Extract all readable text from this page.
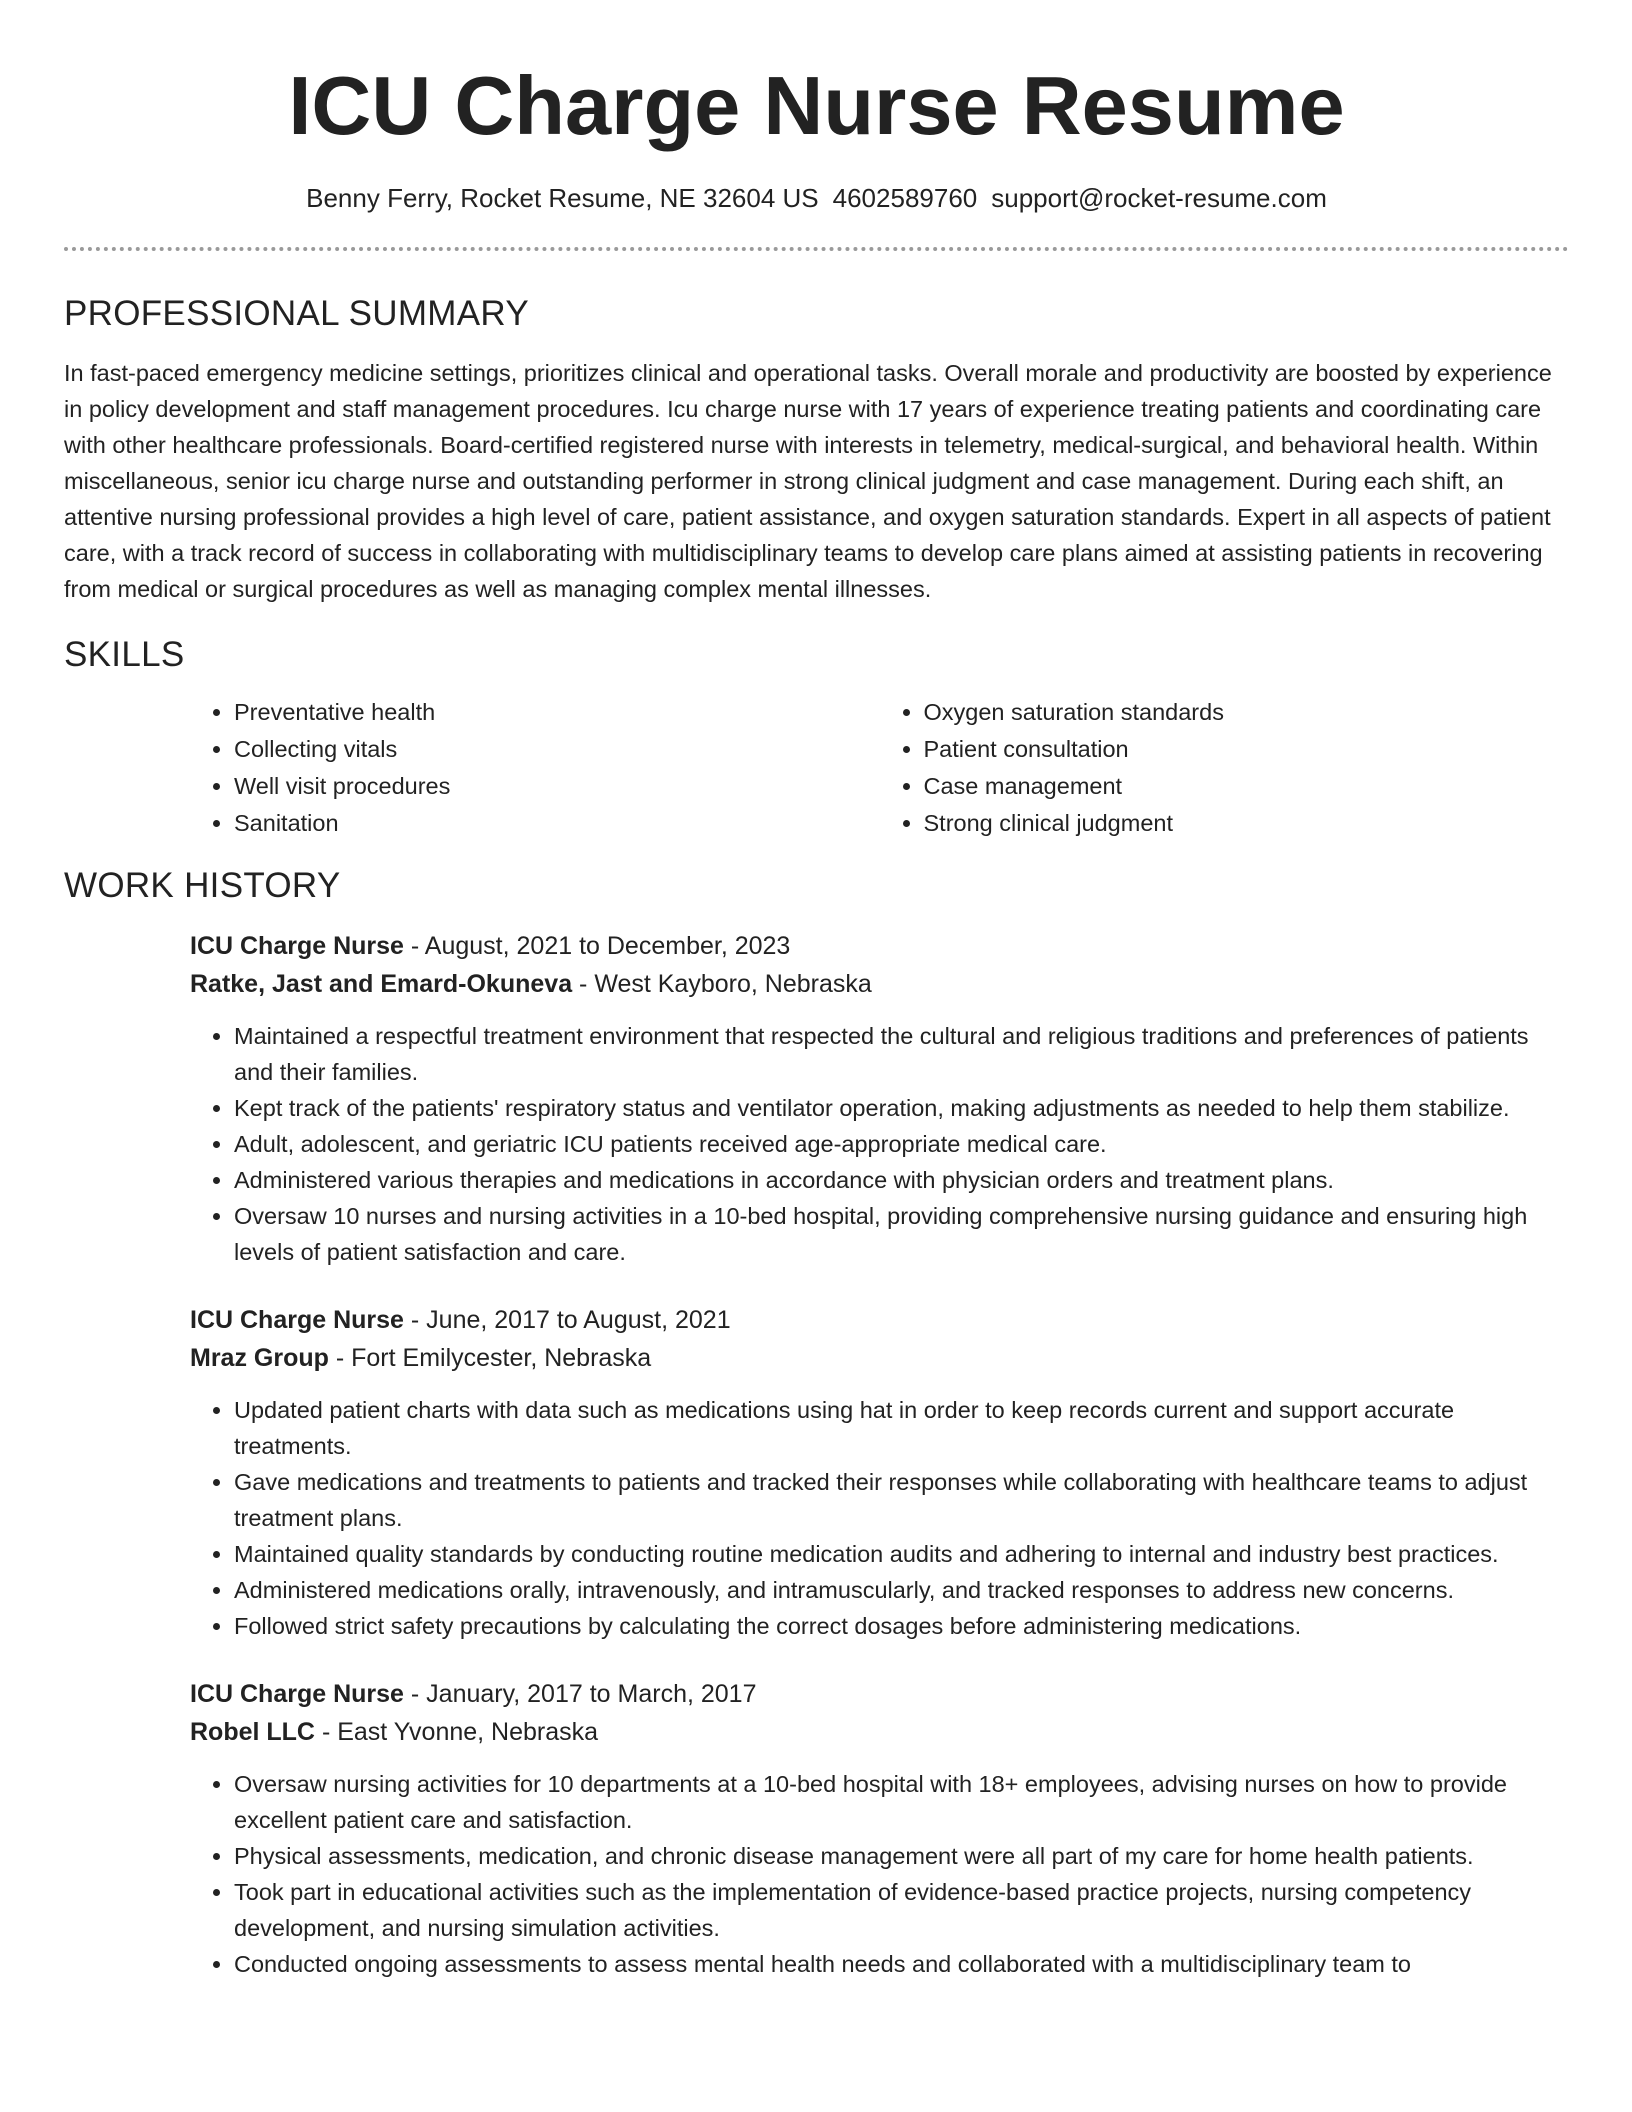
ICU Charge Nurse Resume
Benny Ferry, Rocket Resume, NE 32604 US 4602589760 support@rocket-resume.com
PROFESSIONAL SUMMARY

In fast-paced emergency medicine settings, prioritizes clinical and operational tasks. Overall morale and productivity are boosted by experience in policy development and staff management procedures. Icu charge nurse with 17 years of experience treating patients and coordinating care with other healthcare professionals. Board-certified registered nurse with interests in telemetry, medical-surgical, and behavioral health. Within miscellaneous, senior icu charge nurse and outstanding performer in strong clinical judgment and case management. During each shift, an attentive nursing professional provides a high level of care, patient assistance, and oxygen saturation standards. Expert in all aspects of patient care, with a track record of success in collaborating with multidisciplinary teams to develop care plans aimed at assisting patients in recovering from medical or surgical procedures as well as managing complex mental illnesses.

SKILLS
• Preventative health
• Collecting vitals
• Well visit procedures
• Sanitation
• Oxygen saturation standards
• Patient consultation
• Case management
• Strong clinical judgment
WORK HISTORY
ICU Charge Nurse - August, 2021 to December, 2023
Ratke, Jast and Emard-Okuneva - West Kayboro, Nebraska
• Maintained a respectful treatment environment that respected the cultural and religious traditions and preferences of patients and their families.
• Kept track of the patients' respiratory status and ventilator operation, making adjustments as needed to help them stabilize.
• Adult, adolescent, and geriatric ICU patients received age-appropriate medical care.
• Administered various therapies and medications in accordance with physician orders and treatment plans.
• Oversaw 10 nurses and nursing activities in a 10-bed hospital, providing comprehensive nursing guidance and ensuring high levels of patient satisfaction and care.
ICU Charge Nurse - June, 2017 to August, 2021
Mraz Group - Fort Emilycester, Nebraska
• Updated patient charts with data such as medications using hat in order to keep records current and support accurate treatments.
• Gave medications and treatments to patients and tracked their responses while collaborating with healthcare teams to adjust treatment plans.
• Maintained quality standards by conducting routine medication audits and adhering to internal and industry best practices.
• Administered medications orally, intravenously, and intramuscularly, and tracked responses to address new concerns.
• Followed strict safety precautions by calculating the correct dosages before administering medications.
ICU Charge Nurse - January, 2017 to March, 2017
Robel LLC - East Yvonne, Nebraska
• Oversaw nursing activities for 10 departments at a 10-bed hospital with 18+ employees, advising nurses on how to provide excellent patient care and satisfaction.
• Physical assessments, medication, and chronic disease management were all part of my care for home health patients.
• Took part in educational activities such as the implementation of evidence-based practice projects, nursing competency development, and nursing simulation activities.
• Conducted ongoing assessments to assess mental health needs and collaborated with a multidisciplinary team to
